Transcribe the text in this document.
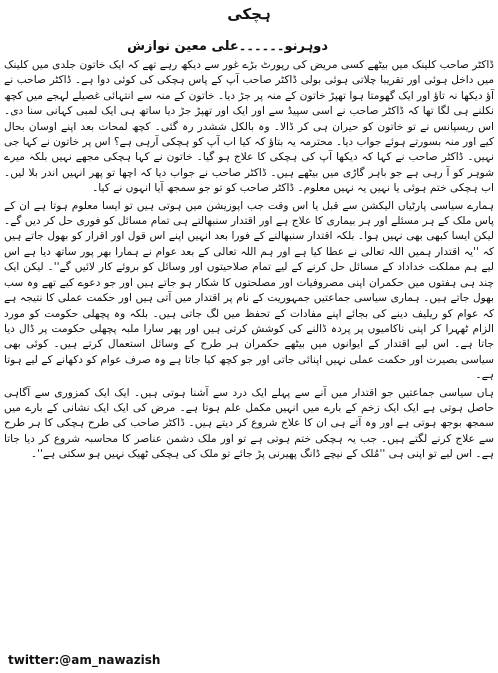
ہچکی
دوہرنو۔۔۔۔۔۔علی معین نوازش

ڈاکٹر صاحب کلینک میں بیٹھے کسی مریض کی رپورٹ بڑے غور سے دیکھ رہے تھے کہ ایک خاتون جلدی میں کلینک میں داخل ہوئی اور تقریبا چلاتی ہوئی بولی ڈاکٹر صاحب آپ کے پاس ہچکی کی کوئی دوا ہے۔ ڈاکٹر صاحب نے آؤ دیکھا نہ تاؤ اور ایک گھومتا ہوا تھپڑ خاتون کے منہ پر جڑ دیا۔ خاتون کے منہ سے انتہائی غصیلے لہجے میں کچھ نکلنے ہی لگا تھا کہ ڈاکٹر صاحب نے اسی سپیڈ سے اور ایک اور تھپڑ جڑ دیا ساتھ ہی ایک لمبی کہانی سنا دی۔ اس ریسپانس نے تو خاتون کو حیران ہی کر ڈالا۔ وہ بالکل ششدر رہ گئی۔ کچھ لمحات بعد اپنے اوسان بحال کیے اور منہ بسورتے ہوئے جواب دیا۔ محترمہ یہ بتاؤ کہ کیا اب آپ کو ہچکی آرہی ہے؟ اس پر خاتون نے کہا جی نہیں۔ ڈاکٹر صاحب نے کہا کہ دیکھا آپ کی ہچکی کا علاج ہو گیا۔ خاتون نے کہا ہچکی مجھے نہیں بلکہ میرے شوہر کو آ رہی ہے جو باہر گاڑی میں بیٹھے ہیں۔ ڈاکٹر صاحب نے جواب دیا کہ اچھا تو پھر انہیں اندر بلا لیں۔ اب ہچکی ختم ہوئی یا نہیں یہ نہیں معلوم۔ ڈاکٹر صاحب کو تو جو سمجھ آیا انہوں نے کیا۔

ہمارے سیاسی پارٹیاں الیکشن سے قبل یا اس وقت جب اپوزیشن میں ہوتی ہیں تو ایسا معلوم ہوتا ہے ان کے پاس ملک کے ہر مسئلے اور ہر بیماری کا علاج ہے اور اقتدار سنبھالتے ہی تمام مسائل کو فوری حل کر دیں گے۔ لیکن ایسا کبھی بھی نہیں ہوا۔ بلکہ اقتدار سنبھالنے کے فورا بعد انہیں اپنے اس قول اور اقرار کو بھول جاتے ہیں کہ ''یہ اقتدار ہمیں اللہ تعالی نے عطا کیا ہے اور ہم اللہ تعالی کے بعد عوام نے ہمارا بھر پور ساتھ دیا ہے اس لیے ہم مملکت خداداد کے مسائل حل کرنے کے لیے تمام صلاحیتوں اور وسائل کو بروئے کار لائیں گے''۔ لیکن ایک چند ہی ہفتوں میں حکمران اپنی مصروفیات اور مصلحتوں کا شکار ہو جاتے ہیں اور جو دعوے کیے تھے وہ سب بھول جاتے ہیں۔ ہماری سیاسی جماعتیں جمہوریت کے نام پر اقتدار میں آتی ہیں اور حکمت عملی کا نتیجہ ہے کہ عوام کو ریلیف دینے کی بجائے اپنے مفادات کے تحفظ میں لگ جاتی ہیں۔ بلکہ وہ پچھلی حکومت کو مورد الزام ٹھہرا کر اپنی ناکامیوں پر پردہ ڈالنے کی کوشش کرتی ہیں اور پھر سارا ملبہ پچھلی حکومت پر ڈال دیا جاتا ہے۔ اس لیے اقتدار کے ایوانوں میں بیٹھے حکمران ہر طرح کے وسائل استعمال کرتے ہیں۔ کوئی بھی سیاسی بصیرت اور حکمت عملی نہیں اپنائی جاتی اور جو کچھ کیا جاتا ہے وہ صرف عوام کو دکھانے کے لیے ہوتا ہے۔

ہاں سیاسی جماعتیں جو اقتدار میں آنے سے پہلے ایک درد سے آشنا ہوتی ہیں۔ ایک ایک کمزوری سے آگاہی حاصل ہوتی ہے ایک ایک زخم کے بارے میں انہیں مکمل علم ہوتا ہے۔ مرض کی ایک ایک نشانی کے بارے میں سمجھ بوجھ ہوتی ہے اور وہ آتے ہی ان کا علاج شروع کر دیتے ہیں۔ ڈاکٹر صاحب کی طرح ہچکی کا ہر طرح سے علاج کرنے لگتے ہیں۔ جب یہ ہچکی ختم ہوتی ہے تو اور ملک دشمن عناصر کا محاسبہ شروع کر دیا جاتا ہے۔ اس لیے تو اپنی ہی ''مُلک کے نیچے ڈانگ پھیرنی پڑ جائے تو ملک کی ہچکی ٹھیک نہیں ہو سکتی ہے''۔

twitter:@am_nawazish
